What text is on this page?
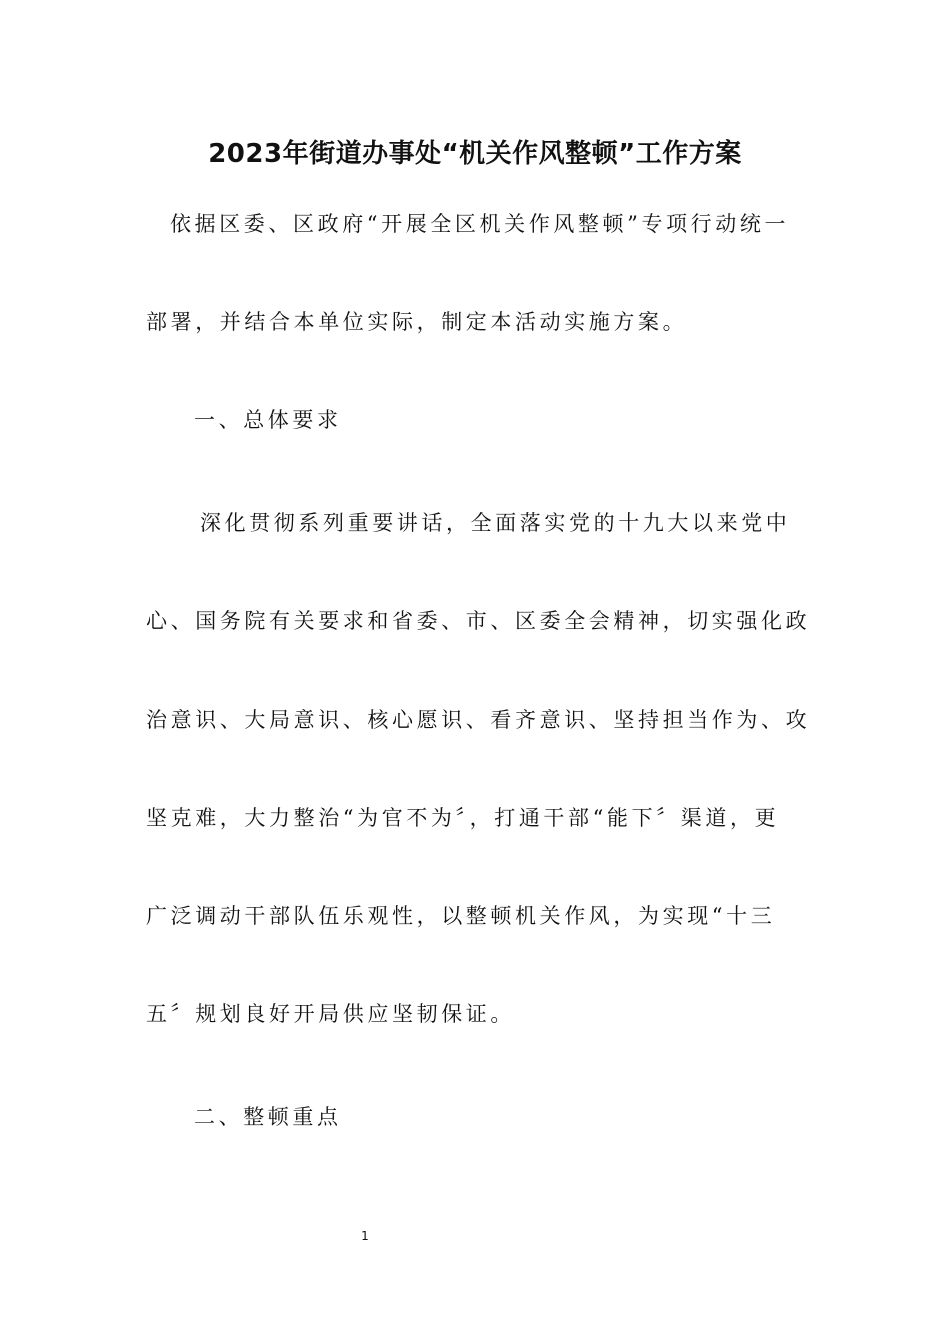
2023年街道办事处“机关作风整顿”工作方案

依据区委、区政府“开展全区机关作风整顿”专项行动统一

部署，并结合本单位实际，制定本活动实施方案。

一、总体要求

深化贯彻系列重要讲话，全面落实党的十九大以来党中

心、国务院有关要求和省委、市、区委全会精神，切实强化政

治意识、大局意识、核心愿识、看齐意识、坚持担当作为、攻

坚克难，大力整治“为官不为〞，打通干部“能下〞渠道，更

广泛调动干部队伍乐观性，以整顿机关作风，为实现“十三

五〞规划良好开局供应坚韧保证。

二、整顿重点

1
